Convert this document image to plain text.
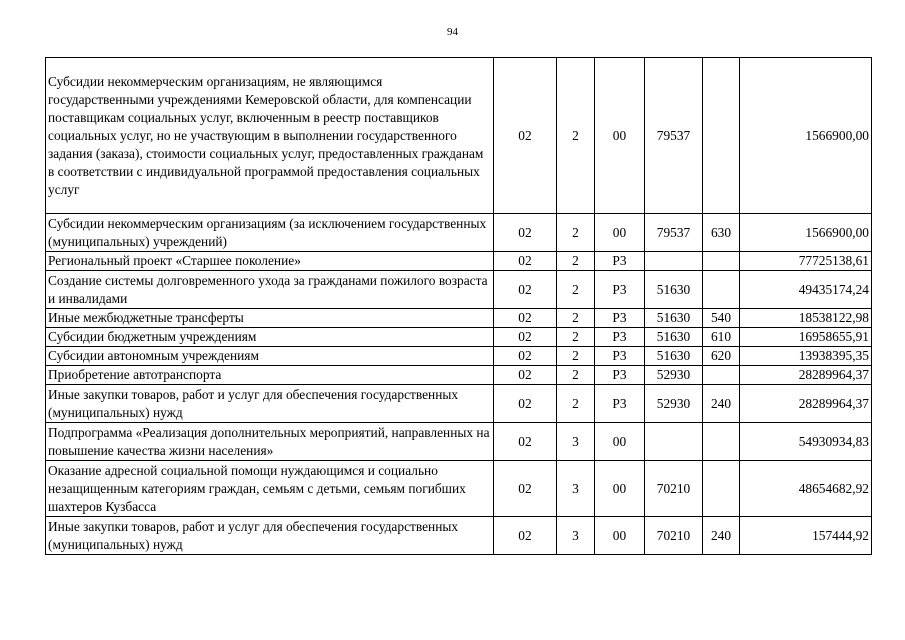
94
Субсидии некоммерческим организациям, не являющимся государственными учреждениями Кемеровской области, для компенсации поставщикам социальных услуг, включенным в реестр поставщиков социальных услуг, но не участвующим в выполнении государственного задания (заказа), стоимости социальных услуг, предоставленных гражданам в соответствии с индивидуальной программой предоставления социальных услуг	02	2	00	79537		1566900,00
Субсидии некоммерческим организациям (за исключением государственных (муниципальных) учреждений)	02	2	00	79537	630	1566900,00
Региональный проект «Старшее поколение»	02	2	P3			77725138,61
Создание системы долговременного ухода за гражданами пожилого возраста и инвалидами	02	2	P3	51630		49435174,24
Иные межбюджетные трансферты	02	2	P3	51630	540	18538122,98
Субсидии бюджетным учреждениям	02	2	P3	51630	610	16958655,91
Субсидии автономным учреждениям	02	2	P3	51630	620	13938395,35
Приобретение автотранспорта	02	2	P3	52930		28289964,37
Иные закупки товаров, работ и услуг для обеспечения государственных (муниципальных) нужд	02	2	P3	52930	240	28289964,37
Подпрограмма «Реализация дополнительных мероприятий, направленных на повышение качества жизни населения»	02	3	00			54930934,83
Оказание адресной социальной помощи нуждающимся и социально незащищенным категориям граждан, семьям с детьми, семьям погибших шахтеров Кузбасса	02	3	00	70210		48654682,92
Иные закупки товаров, работ и услуг для обеспечения государственных (муниципальных) нужд	02	3	00	70210	240	157444,92
